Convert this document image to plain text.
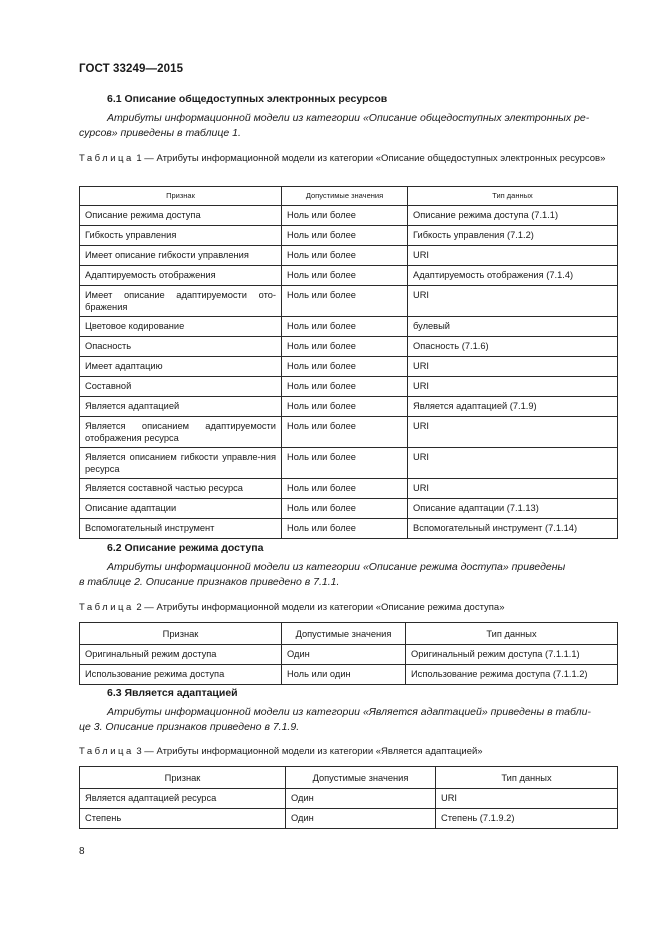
ГОСТ 33249—2015
6.1 Описание общедоступных электронных ресурсов
Атрибуты информационной модели из категории «Описание общедоступных электронных ре-
сурсов» приведены в таблице 1.
Таблица 1 — Атрибуты информационной модели из категории «Описание общедоступных электронных ресурсов»
Признак	Допустимые значения	Тип данных
Описание режима доступа	Ноль или более	Описание режима доступа (7.1.1)
Гибкость управления	Ноль или более	Гибкость управления (7.1.2)
Имеет описание гибкости управления	Ноль или более	URI
Адаптируемость отображения	Ноль или более	Адаптируемость отображения (7.1.4)
Имеет описание адаптируемости ото-бражения	Ноль или более	URI
Цветовое кодирование	Ноль или более	булевый
Опасность	Ноль или более	Опасность (7.1.6)
Имеет адаптацию	Ноль или более	URI
Составной	Ноль или более	URI
Является адаптацией	Ноль или более	Является адаптацией (7.1.9)
Является описанием адаптируемости отображения ресурса	Ноль или более	URI
Является описанием гибкости управле-ния ресурса	Ноль или более	URI
Является составной частью ресурса	Ноль или более	URI
Описание адаптации	Ноль или более	Описание адаптации (7.1.13)
Вспомогательный инструмент	Ноль или более	Вспомогательный инструмент (7.1.14)
6.2 Описание режима доступа
Атрибуты информационной модели из категории «Описание режима доступа» приведены
в таблице 2. Описание признаков приведено в 7.1.1.
Таблица 2 — Атрибуты информационной модели из категории «Описание режима доступа»
Признак	Допустимые значения	Тип данных
Оригинальный режим доступа	Один	Оригинальный режим доступа (7.1.1.1)
Использование режима доступа	Ноль или один	Использование режима доступа (7.1.1.2)
6.3 Является адаптацией
Атрибуты информационной модели из категории «Является адаптацией» приведены в табли-
це 3. Описание признаков приведено в 7.1.9.
Таблица 3 — Атрибуты информационной модели из категории «Является адаптацией»
Признак	Допустимые значения	Тип данных
Является адаптацией ресурса	Один	URI
Степень	Один	Степень (7.1.9.2)
8
